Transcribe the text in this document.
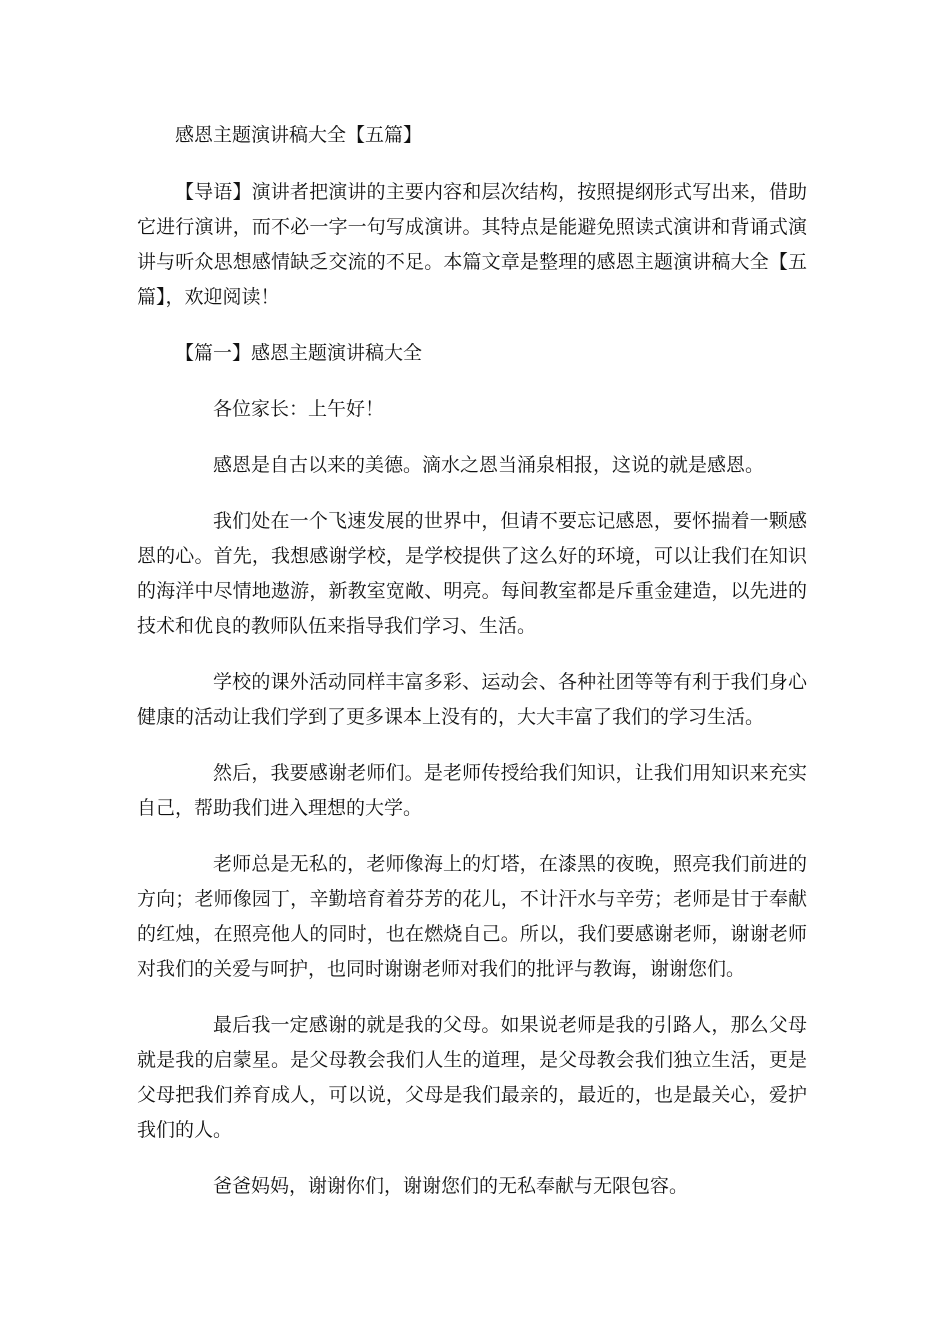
感恩主题演讲稿大全【五篇】

【导语】演讲者把演讲的主要内容和层次结构，按照提纲形式写出来，借助它进行演讲，而不必一字一句写成演讲。其特点是能避免照读式演讲和背诵式演讲与听众思想感情缺乏交流的不足。本篇文章是整理的感恩主题演讲稿大全【五篇】，欢迎阅读！

【篇一】感恩主题演讲稿大全

各位家长：上午好！

感恩是自古以来的美德。滴水之恩当涌泉相报，这说的就是感恩。

我们处在一个飞速发展的世界中，但请不要忘记感恩，要怀揣着一颗感恩的心。首先，我想感谢学校，是学校提供了这么好的环境，可以让我们在知识的海洋中尽情地遨游，新教室宽敞、明亮。每间教室都是斥重金建造，以先进的技术和优良的教师队伍来指导我们学习、生活。

学校的课外活动同样丰富多彩、运动会、各种社团等等有利于我们身心健康的活动让我们学到了更多课本上没有的，大大丰富了我们的学习生活。

然后，我要感谢老师们。是老师传授给我们知识，让我们用知识来充实自己，帮助我们进入理想的大学。

老师总是无私的，老师像海上的灯塔，在漆黑的夜晚，照亮我们前进的方向；老师像园丁，辛勤培育着芬芳的花儿，不计汗水与辛劳；老师是甘于奉献的红烛，在照亮他人的同时，也在燃烧自己。所以，我们要感谢老师，谢谢老师对我们的关爱与呵护，也同时谢谢老师对我们的批评与教诲，谢谢您们。

最后我一定感谢的就是我的父母。如果说老师是我的引路人，那么父母就是我的启蒙星。是父母教会我们人生的道理，是父母教会我们独立生活，更是父母把我们养育成人，可以说，父母是我们最亲的，最近的，也是最关心，爱护我们的人。

爸爸妈妈，谢谢你们，谢谢您们的无私奉献与无限包容。
